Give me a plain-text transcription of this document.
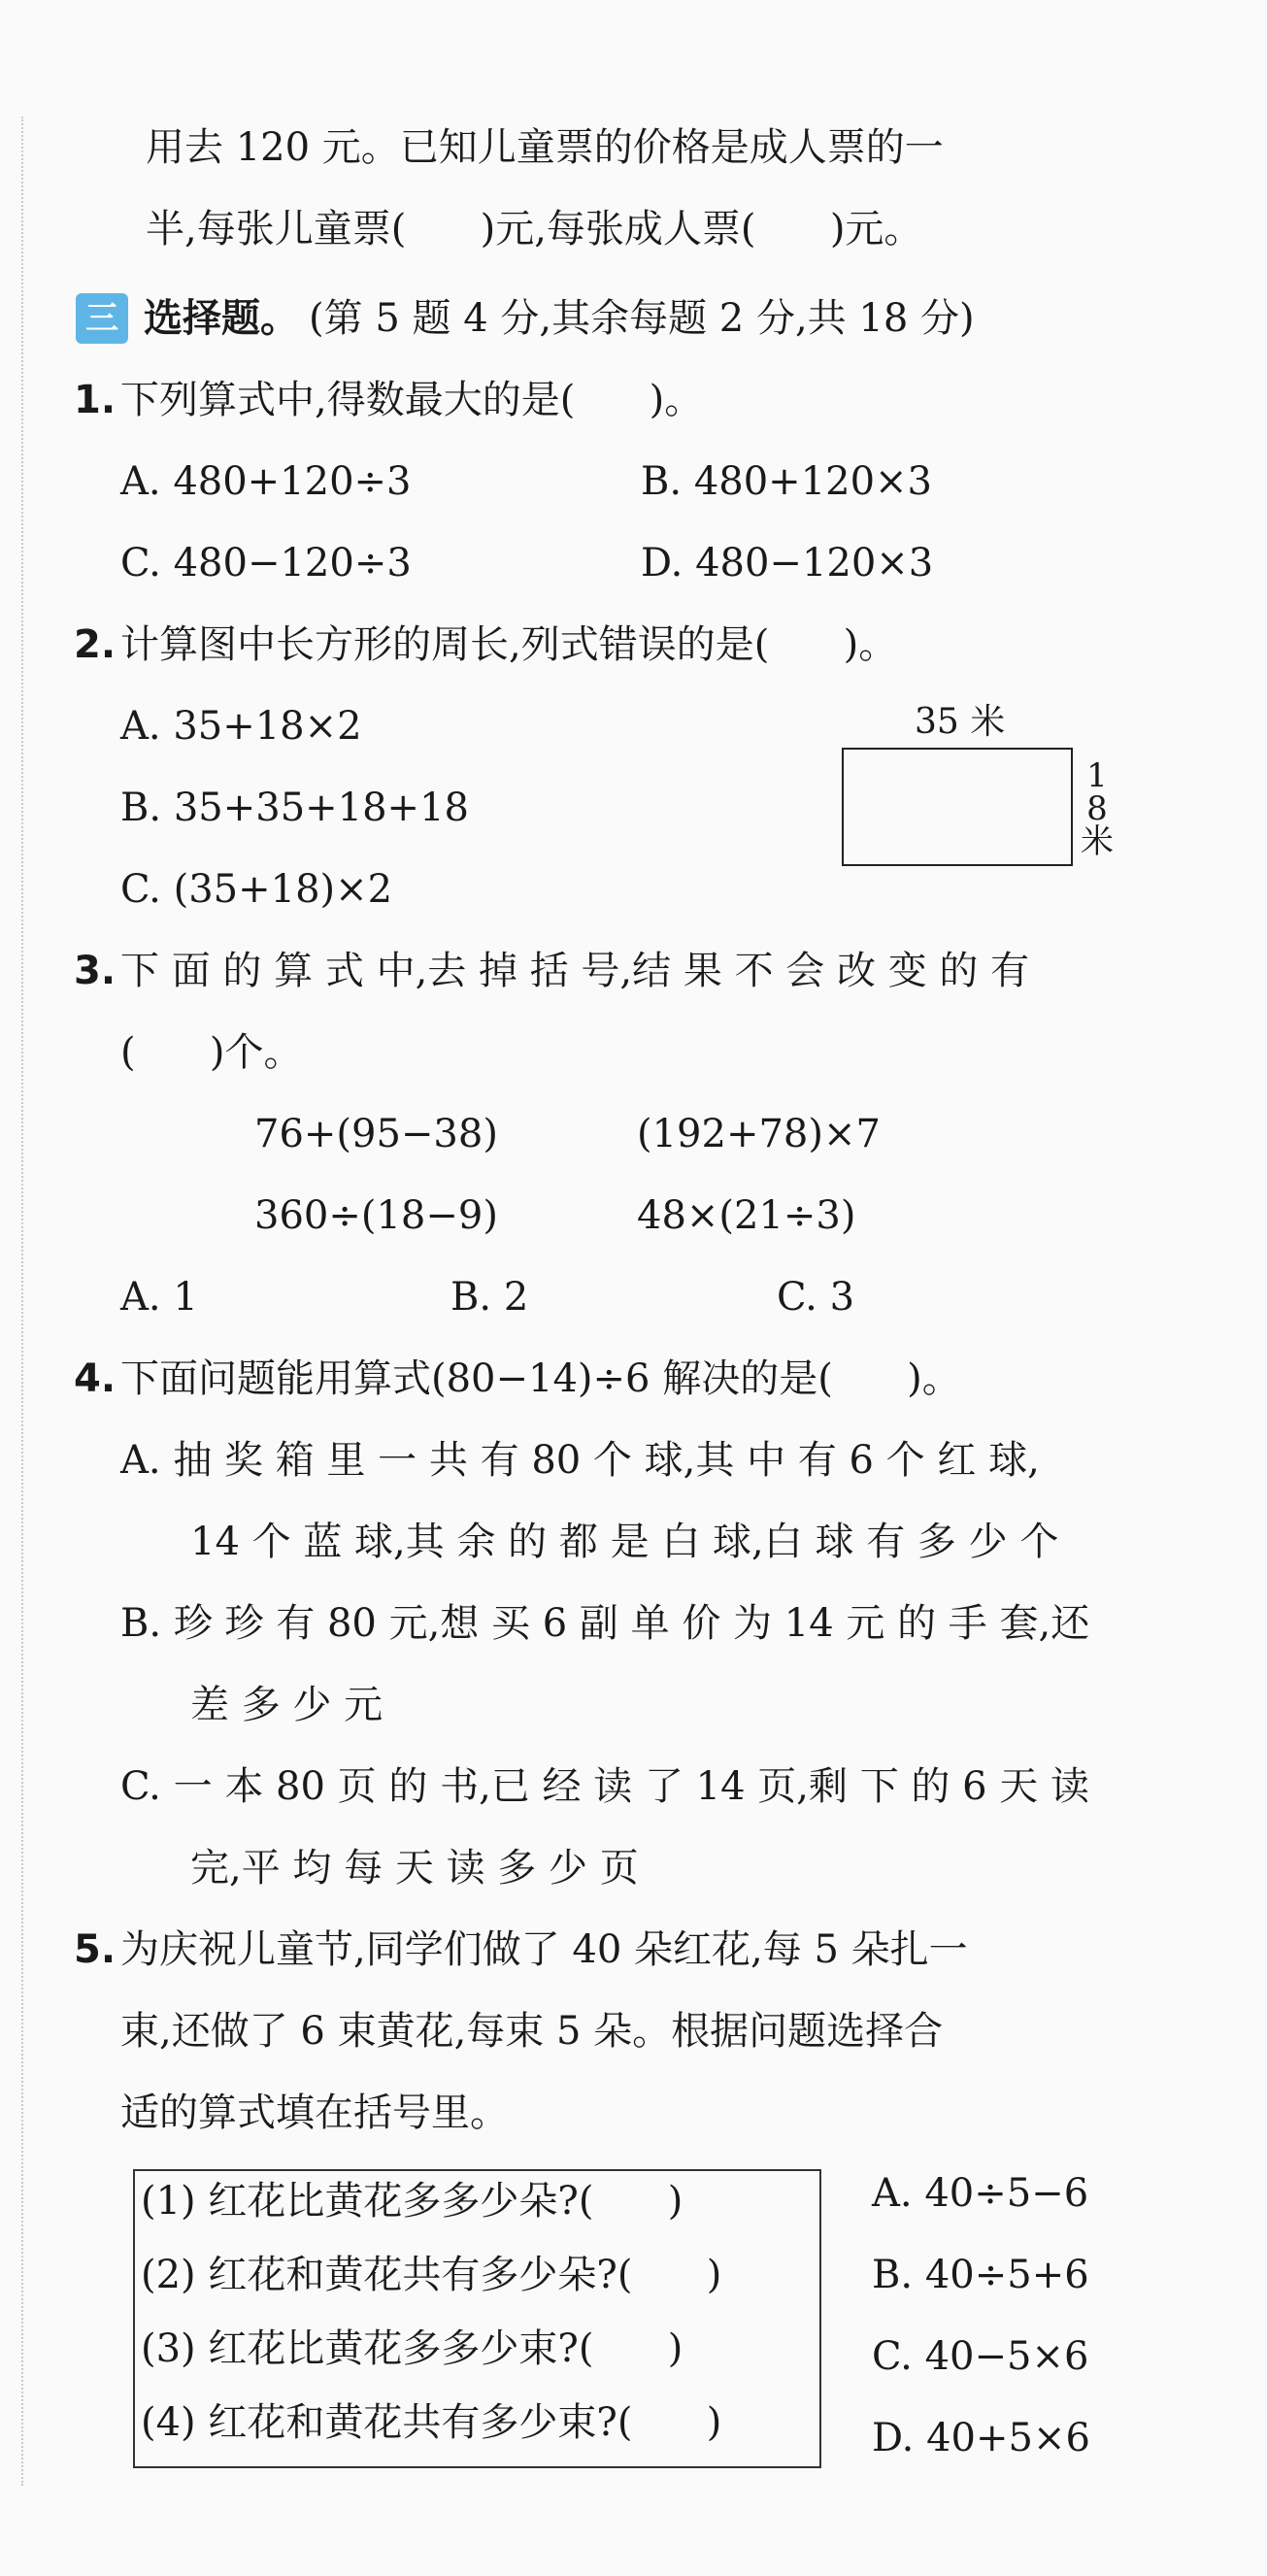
用去 120 元。已知儿童票的价格是成人票的一
半,每张儿童票(      )元,每张成人票(      )元。
三 选择题。 (第 5 题 4 分,其余每题 2 分,共 18 分)
1. 下列算式中,得数最大的是(      )。
A. 480+120÷3	B. 480+120×3
C. 480−120÷3	D. 480−120×3
2. 计算图中长方形的周长,列式错误的是(      )。
A. 35+18×2
B. 35+35+18+18
C. (35+18)×2
35 米
18米
3. 下 面 的 算 式 中,去 掉 括 号,结 果 不 会 改 变 的 有
(      )个。
76+(95−38)	(192+78)×7
360÷(18−9)	48×(21÷3)
A. 1	B. 2	C. 3
4. 下面问题能用算式(80−14)÷6 解决的是(      )。
A. 抽 奖 箱 里 一 共 有 80 个 球,其 中 有 6 个 红 球,
14 个 蓝 球,其 余 的 都 是 白 球,白 球 有 多 少 个
B. 珍 珍 有 80 元,想 买 6 副 单 价 为 14 元 的 手 套,还
差 多 少 元
C. 一 本 80 页 的 书,已 经 读 了 14 页,剩 下 的 6 天 读
完,平 均 每 天 读 多 少 页
5. 为庆祝儿童节,同学们做了 40 朵红花,每 5 朵扎一
束,还做了 6 束黄花,每束 5 朵。根据问题选择合
适的算式填在括号里。
(1) 红花比黄花多多少朵?(      )
(2) 红花和黄花共有多少朵?(      )
(3) 红花比黄花多多少束?(      )
(4) 红花和黄花共有多少束?(      )
A. 40÷5−6
B. 40÷5+6
C. 40−5×6
D. 40+5×6
